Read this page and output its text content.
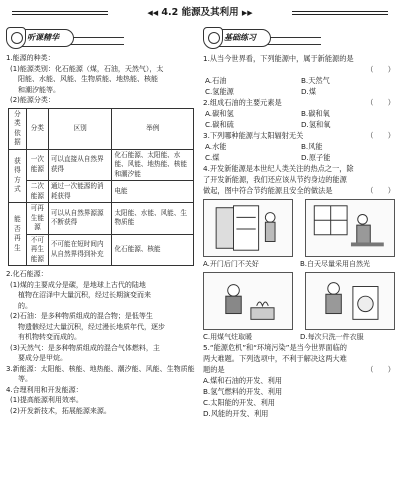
◀◀ 4.2 能源及其利用 ▶▶
听课精华
1.能源的种类：
(1)能源类别：化石能源（煤，石油，天然气），太
阳能、水能、风能、生物质能、地热能、核能
和潮汐能等。
(2)能源分类：
分类依据	分类	区别	举例
获得方式	一次能源	可以直接从自然界获得	化石能源、太阳能、水能、风能、地热能、核能和潮汐能
	二次能源	通过一次能源的消耗获得	电能
能否再生	可再生能源	可以从自然界源源不断获得	太阳能、水能、风能、生物质能
	不可再生能源	不可能在短时间内从自然界得到补充	化石能源、核能
2.化石能源：
(1)煤的主要成分是碳，是地球上古代的陆地
植物在沼泽中大量沉积，经过长期演变而来
的。
(2)石油：是多种物质组成的混合物；是低等生
物遗骸经过大量沉积，经过漫长地质年代，逐步
有机物转变而成的。
(3)天然气：是多种物质组成的混合气体燃料，主
要成分是甲烷。
3.新能源：太阳能、核能、地热能、潮汐能、风能、生物质能
等。
4.合理利用和开发能源：
(1)提高能源利用效率。
(2)开发新技术，拓展能源来源。
基础练习
1.从当今世界看，下列能源中，属于新能源的是
（　　）
A.石油	B.天然气
C.氢能源	D.煤
2.组成石油的主要元素是	（　　）
A.碳和氢	B.碳和氧
C.碳和硫	D.氢和氧
3.下列哪种能源与太阳辐射无关	（　　）
A.水能	B.风能
C.煤	D.原子能
4.开发新能源是本世纪人类关注的热点之一，除
了开发新能源，我们还应该从节约身边的能源
做起，图中符合节约能源且安全的做法是	（　　）
A.开门后门不关好	B.白天尽量采用自然光
C.用煤气炷取暖	D.每次只洗一件衣服
5.“能源危机”和“环境污染”是当今世界面临的
两大难题。下列选项中，不利于解决这两大难
题的是	（　　）
A.煤和石油的开发、利用
B.氢气燃料的开发、利用
C.太阳能的开发、利用
D.风能的开发、利用
